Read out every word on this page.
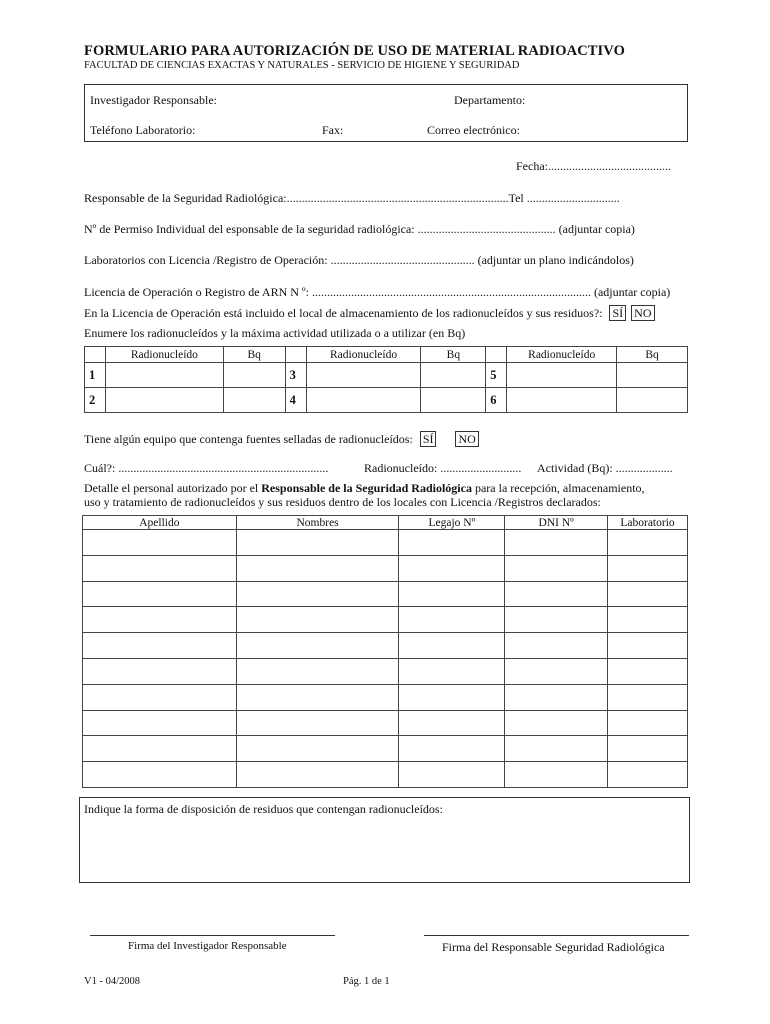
FORMULARIO PARA AUTORIZACIÓN DE USO DE MATERIAL RADIOACTIVO
FACULTAD DE CIENCIAS EXACTAS Y NATURALES - SERVICIO DE HIGIENE Y SEGURIDAD
Investigador Responsable:	Departamento:
Teléfono Laboratorio:	Fax:	Correo electrónico:
Fecha:.........................................
Responsable de la Seguridad Radiológica:..........................................................................Tel ...............................
Nº de Permiso Individual del esponsable de la seguridad radiológica: .............................................. (adjuntar copia)
Laboratorios con Licencia /Registro de Operación: ................................................ (adjuntar un plano indicándolos)
Licencia de Operación o Registro de ARN N º: ............................................................................................. (adjuntar copia)
En la Licencia de Operación está incluido el local de almacenamiento de los radionucleídos y sus residuos?: SÍ NO
Enumere los radionucleídos y la máxima actividad utilizada o a utilizar (en Bq)
	Radionucleído	Bq		Radionucleído	Bq		Radionucleído	Bq
1			3			5		
2			4			6		
Tiene algún equipo que contenga fuentes selladas de radionucleídos: SÍ NO
Cuál?: ......................................................................	Radionucleído: ........................... Actividad (Bq): ...................
Detalle el personal autorizado por el Responsable de la Seguridad Radiológica para la recepción, almacenamiento,
uso y tratamiento de radionucleídos y sus residuos dentro de los locales con Licencia /Registros declarados:
Apellido	Nombres	Legajo Nº	DNI Nº	Laboratorio

Indique la forma de disposición de residuos que contengan radionucleídos:
Firma del Investigador Responsable	Firma del Responsable Seguridad Radiológica
V1 - 04/2008	Pág. 1 de 1
